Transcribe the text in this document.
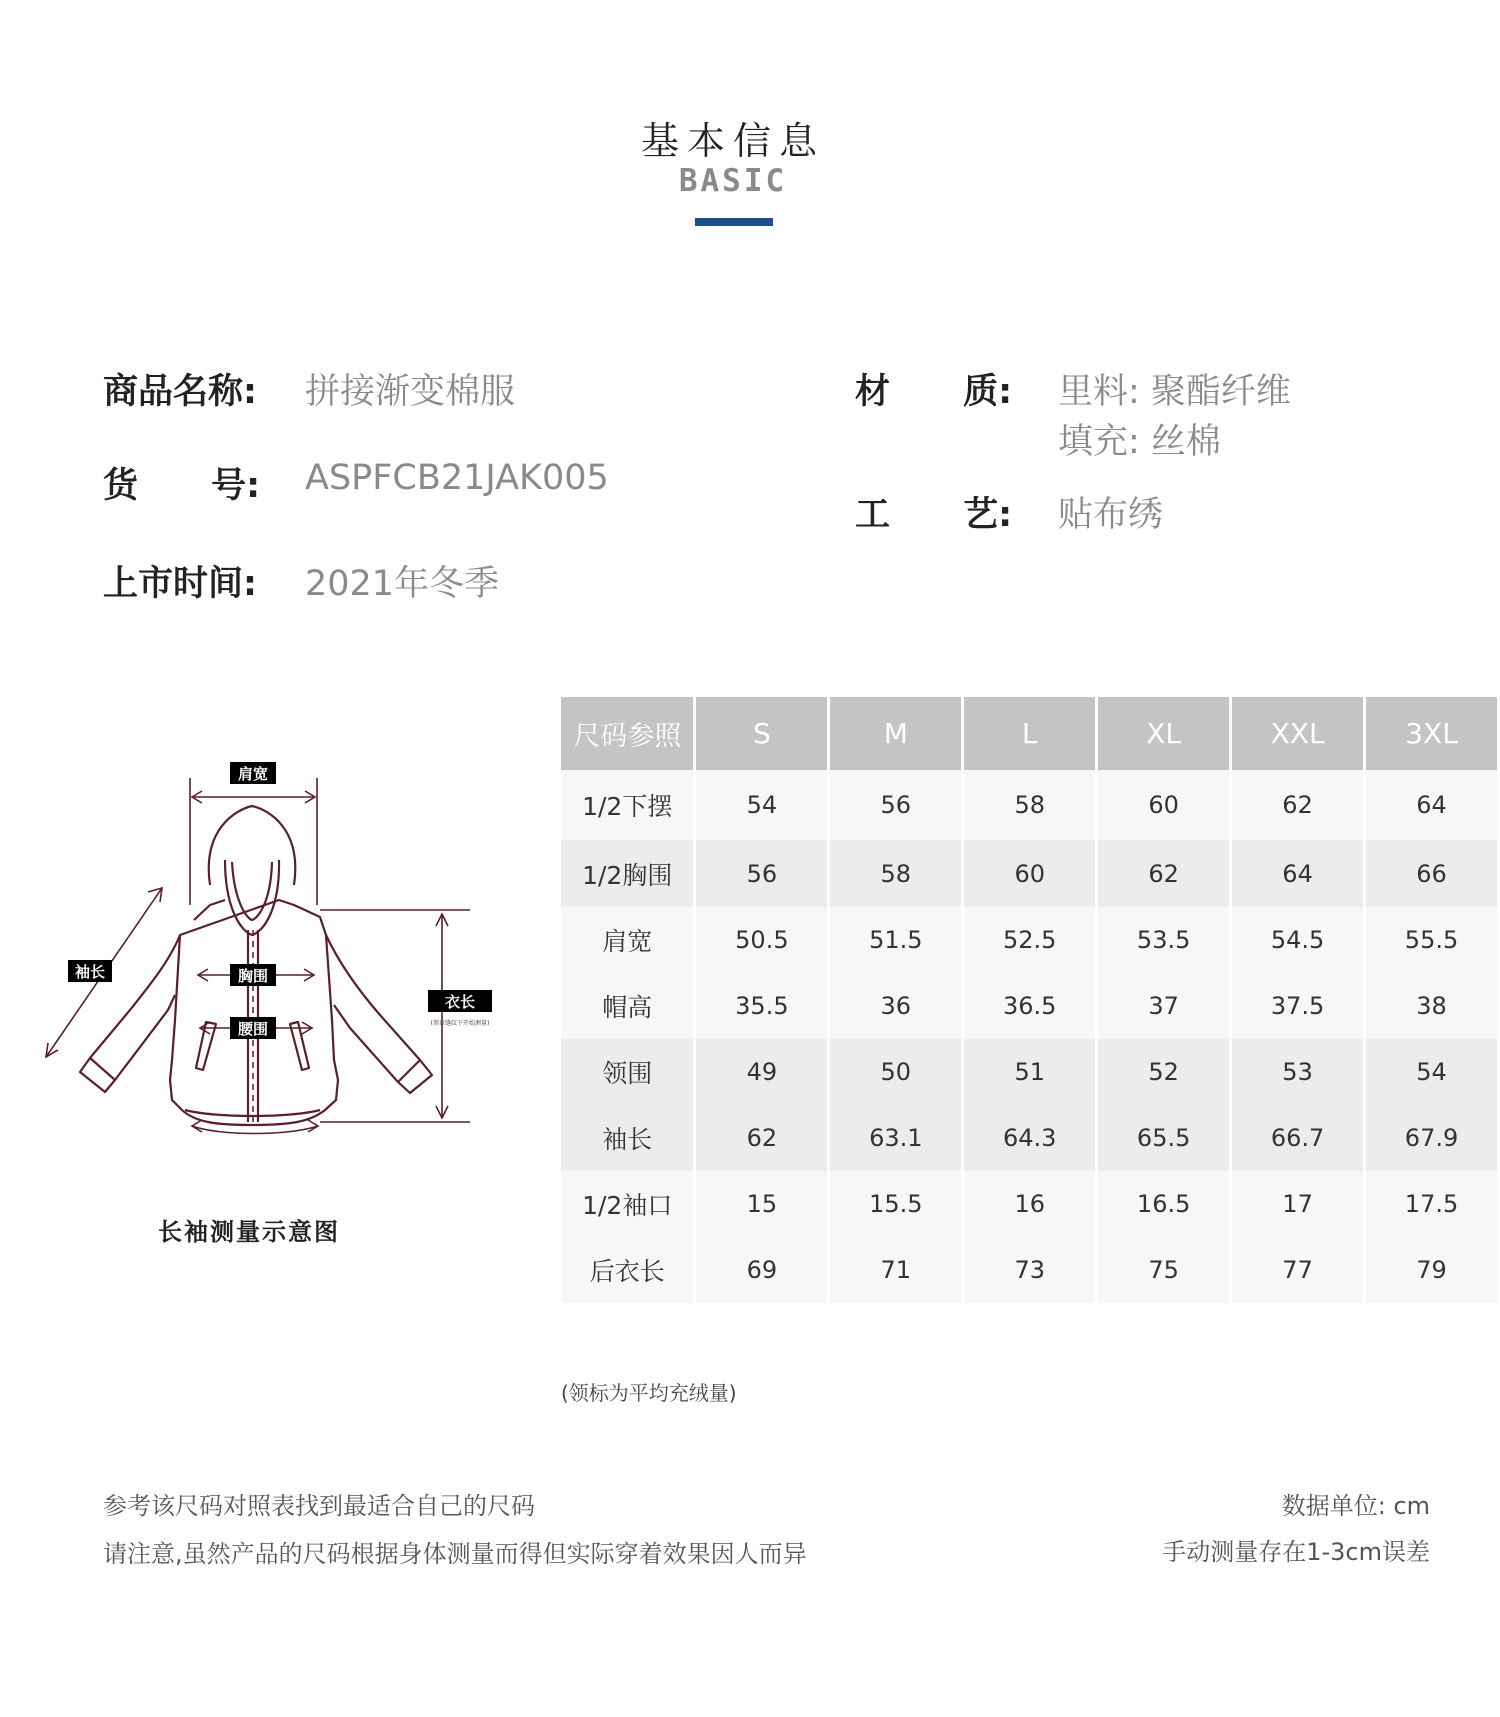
基本信息
BASIC
商品名称: 拼接渐变棉服
货      号: ASPFCB21JAK005
上市时间: 2021年冬季
材      质: 里料: 聚酯纤维
填充: 丝棉
工      艺: 贴布绣
肩宽
袖长	胸围
腰围
衣长
(领口缝纹下开始测量)
长袖测量示意图
尺码参照	S	M	L	XL	XXL	3XL
1/2下摆	54	56	58	60	62	64
1/2胸围	56	58	60	62	64	66
肩宽	50.5	51.5	52.5	53.5	54.5	55.5
帽高	35.5	36	36.5	37	37.5	38
领围	49	50	51	52	53	54
袖长	62	63.1	64.3	65.5	66.7	67.9
1/2袖口	15	15.5	16	16.5	17	17.5
后衣长	69	71	73	75	77	79
(领标为平均充绒量)
参考该尺码对照表找到最适合自己的尺码
请注意,虽然产品的尺码根据身体测量而得但实际穿着效果因人而异
数据单位: cm
手动测量存在1-3cm误差
